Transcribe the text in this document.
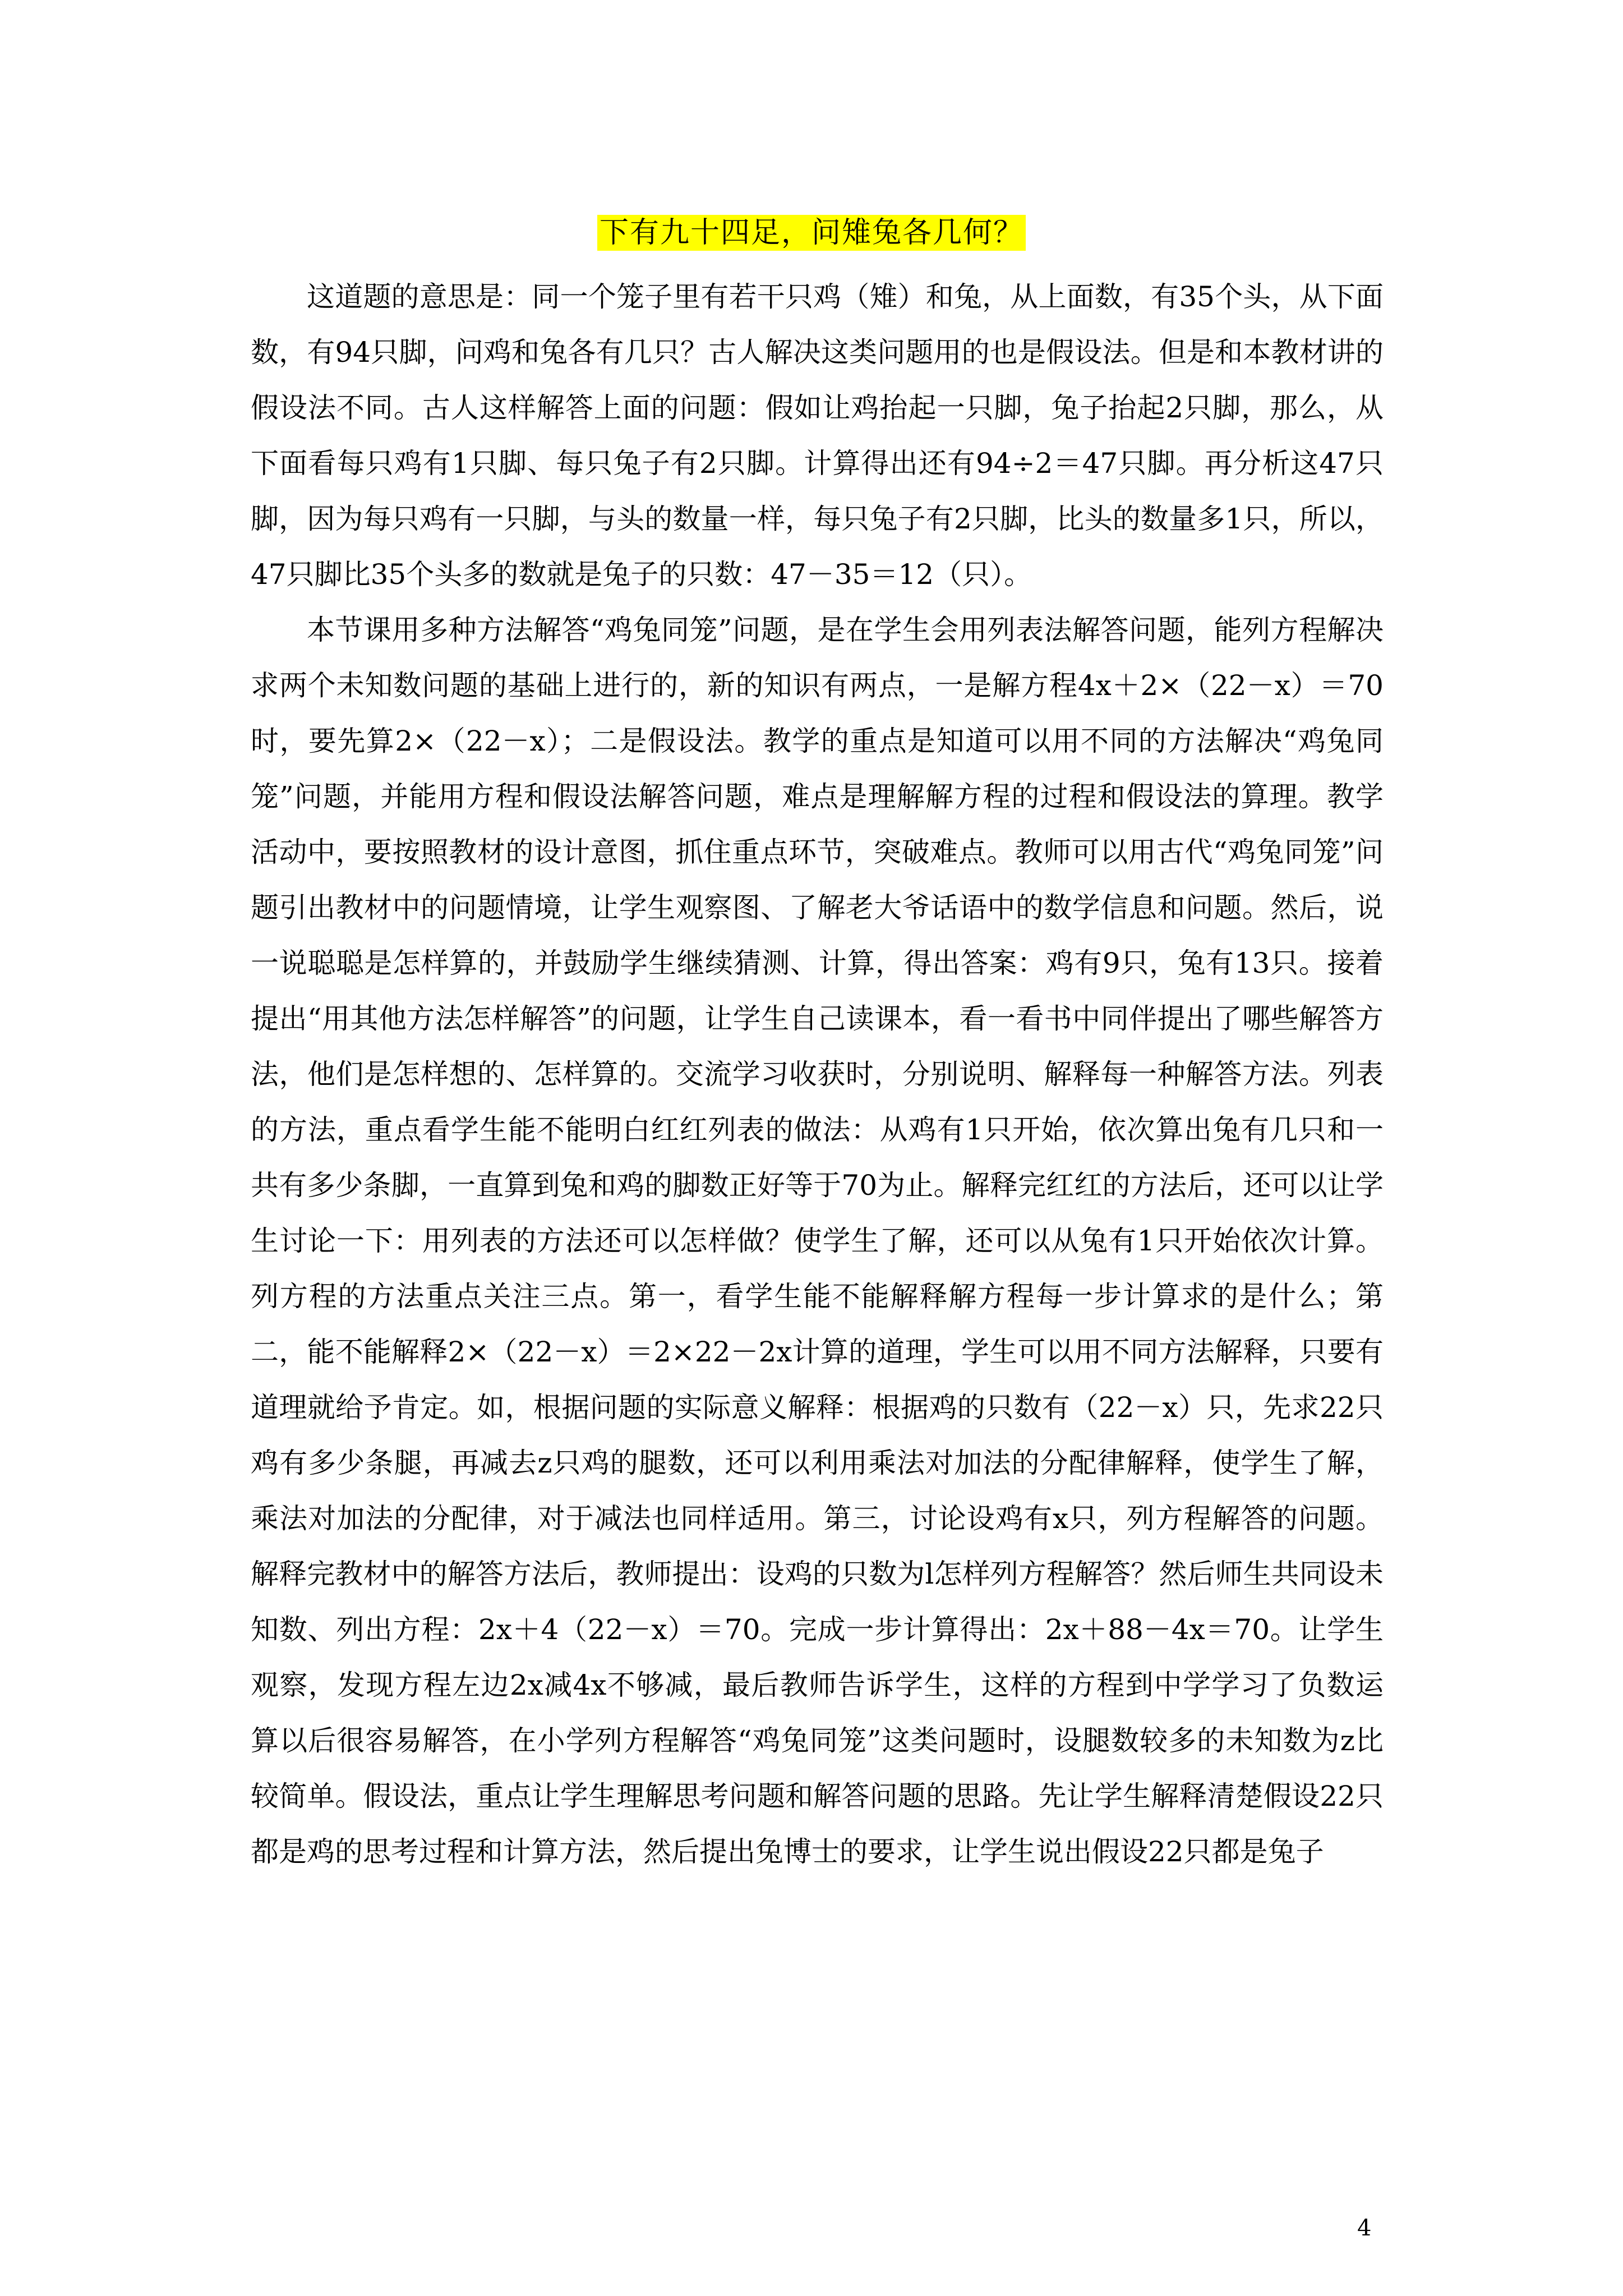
下有九十四足，问雉兔各几何？

这道题的意思是：同一个笼子里有若干只鸡（雉）和兔，从上面数，有35个头，从下面数，有94只脚，问鸡和兔各有几只？古人解决这类问题用的也是假设法。但是和本教材讲的假设法不同。古人这样解答上面的问题：假如让鸡抬起一只脚，兔子抬起2只脚，那么，从下面看每只鸡有1只脚、每只兔子有2只脚。计算得出还有94÷2＝47只脚。再分析这47只脚，因为每只鸡有一只脚，与头的数量一样，每只兔子有2只脚，比头的数量多1只，所以，47只脚比35个头多的数就是兔子的只数：47－35＝12（只）。

本节课用多种方法解答“鸡兔同笼”问题，是在学生会用列表法解答问题，能列方程解决求两个未知数问题的基础上进行的，新的知识有两点，一是解方程4x＋2×（22－x）＝70时，要先算2×（22－x）；二是假设法。教学的重点是知道可以用不同的方法解决“鸡兔同笼”问题，并能用方程和假设法解答问题，难点是理解解方程的过程和假设法的算理。教学活动中，要按照教材的设计意图，抓住重点环节，突破难点。教师可以用古代“鸡兔同笼”问题引出教材中的问题情境，让学生观察图、了解老大爷话语中的数学信息和问题。然后，说一说聪聪是怎样算的，并鼓励学生继续猜测、计算，得出答案：鸡有9只，兔有13只。接着提出“用其他方法怎样解答”的问题，让学生自己读课本，看一看书中同伴提出了哪些解答方法，他们是怎样想的、怎样算的。交流学习收获时，分别说明、解释每一种解答方法。列表的方法，重点看学生能不能明白红红列表的做法：从鸡有1只开始，依次算出兔有几只和一共有多少条脚，一直算到兔和鸡的脚数正好等于70为止。解释完红红的方法后，还可以让学生讨论一下：用列表的方法还可以怎样做？使学生了解，还可以从兔有1只开始依次计算。列方程的方法重点关注三点。第一，看学生能不能解释解方程每一步计算求的是什么；第二，能不能解释2×（22－x）＝2×22－2x计算的道理，学生可以用不同方法解释，只要有道理就给予肯定。如，根据问题的实际意义解释：根据鸡的只数有（22－x）只，先求22只鸡有多少条腿，再减去z只鸡的腿数，还可以利用乘法对加法的分配律解释，使学生了解，乘法对加法的分配律，对于减法也同样适用。第三，讨论设鸡有x只，列方程解答的问题。解释完教材中的解答方法后，教师提出：设鸡的只数为l怎样列方程解答？然后师生共同设未知数、列出方程：2x＋4（22－x）＝70。完成一步计算得出：2x＋88－4x＝70。让学生观察，发现方程左边2x减4x不够减，最后教师告诉学生，这样的方程到中学学习了负数运算以后很容易解答，在小学列方程解答“鸡兔同笼”这类问题时，设腿数较多的未知数为z比较简单。假设法，重点让学生理解思考问题和解答问题的思路。先让学生解释清楚假设22只都是鸡的思考过程和计算方法，然后提出兔博士的要求，让学生说出假设22只都是兔子

4
